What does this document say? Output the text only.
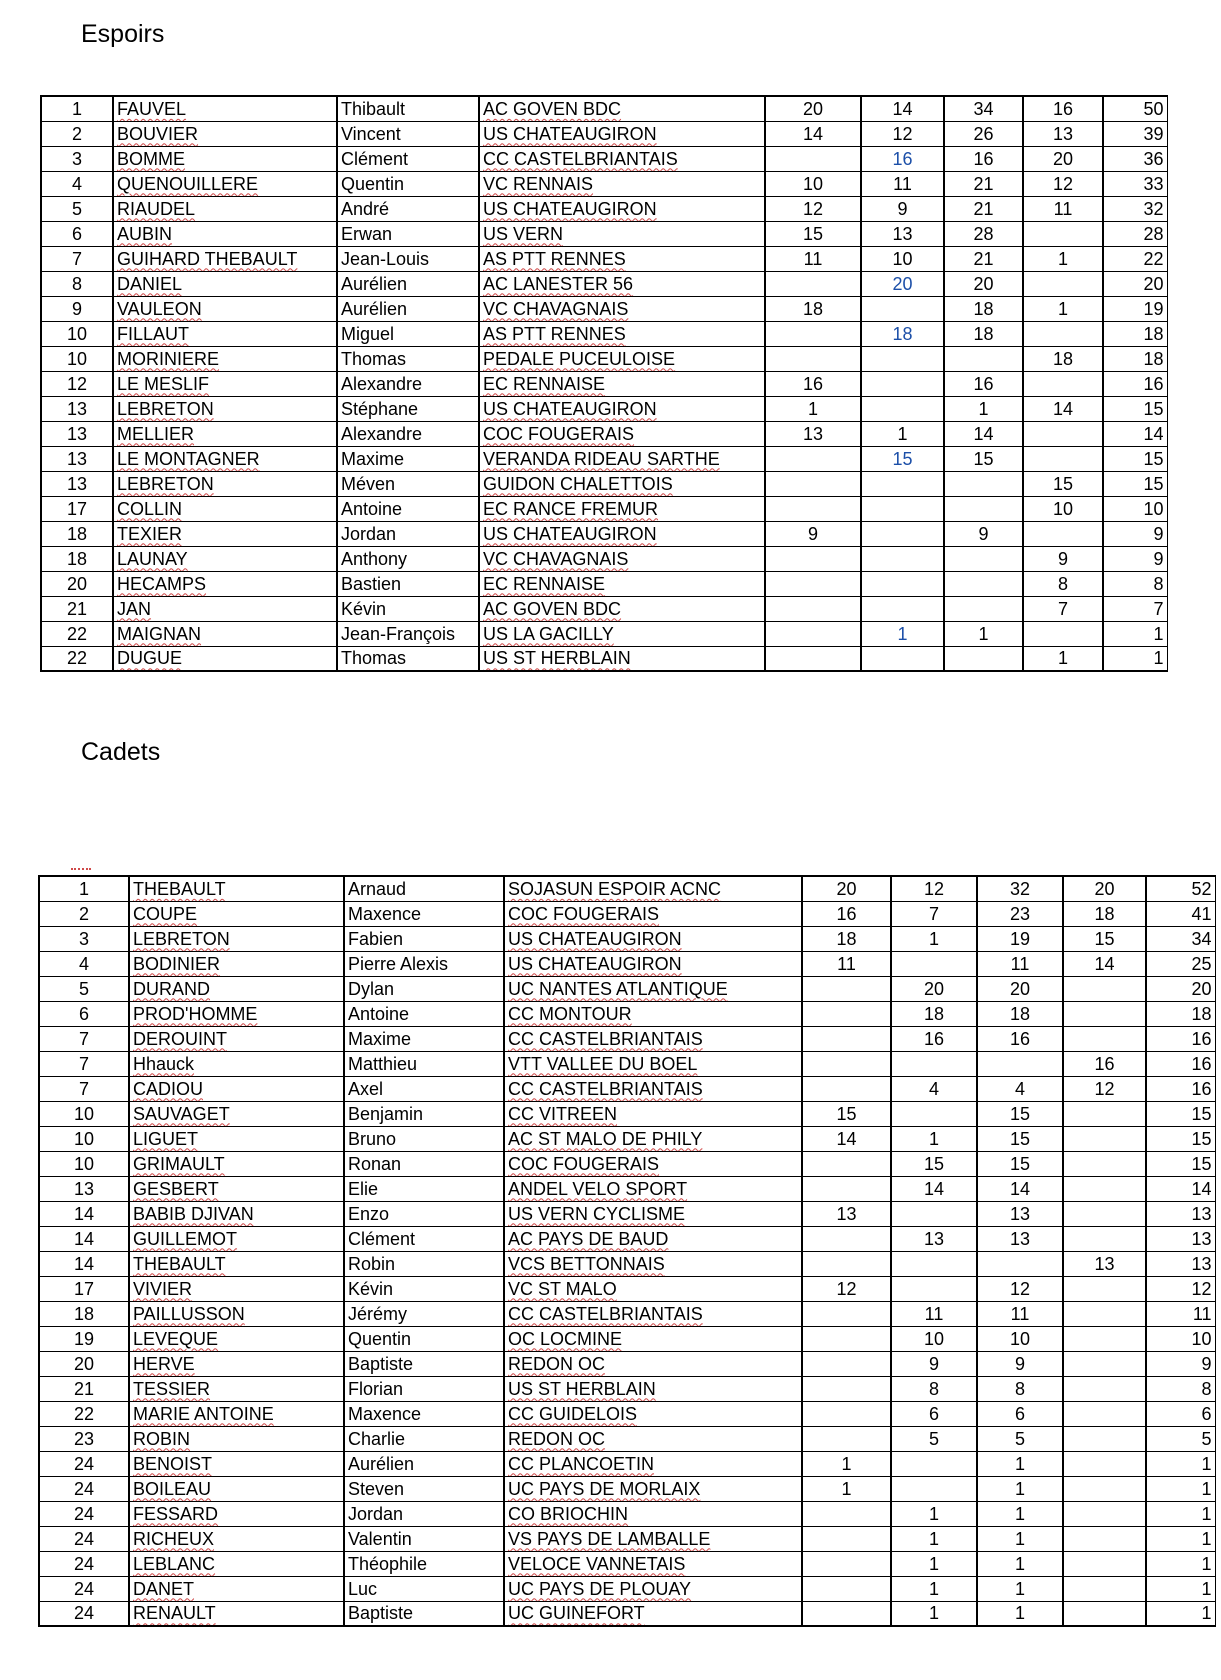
Espoirs
1	FAUVEL	Thibault	AC GOVEN BDC	20	14	34	16	50
2	BOUVIER	Vincent	US CHATEAUGIRON	14	12	26	13	39
3	BOMME	Clément	CC CASTELBRIANTAIS		16	16	20	36
4	QUENOUILLERE	Quentin	VC RENNAIS	10	11	21	12	33
5	RIAUDEL	André	US CHATEAUGIRON	12	9	21	11	32
6	AUBIN	Erwan	US VERN	15	13	28		28
7	GUIHARD THEBAULT	Jean-Louis	AS PTT RENNES	11	10	21	1	22
8	DANIEL	Aurélien	AC LANESTER 56		20	20		20
9	VAULEON	Aurélien	VC CHAVAGNAIS	18		18	1	19
10	FILLAUT	Miguel	AS PTT RENNES		18	18		18
10	MORINIERE	Thomas	PEDALE PUCEULOISE				18	18
12	LE MESLIF	Alexandre	EC RENNAISE	16		16		16
13	LEBRETON	Stéphane	US CHATEAUGIRON	1		1	14	15
13	MELLIER	Alexandre	COC FOUGERAIS	13	1	14		14
13	LE MONTAGNER	Maxime	VERANDA RIDEAU SARTHE		15	15		15
13	LEBRETON	Méven	GUIDON CHALETTOIS				15	15
17	COLLIN	Antoine	EC RANCE FREMUR				10	10
18	TEXIER	Jordan	US CHATEAUGIRON	9		9		9
18	LAUNAY	Anthony	VC CHAVAGNAIS				9	9
20	HECAMPS	Bastien	EC RENNAISE				8	8
21	JAN	Kévin	AC GOVEN BDC				7	7
22	MAIGNAN	Jean-François	US LA GACILLY		1	1		1
22	DUGUE	Thomas	US ST HERBLAIN				1	1
Cadets
1	THEBAULT	Arnaud	SOJASUN ESPOIR ACNC	20	12	32	20	52
2	COUPE	Maxence	COC FOUGERAIS	16	7	23	18	41
3	LEBRETON	Fabien	US CHATEAUGIRON	18	1	19	15	34
4	BODINIER	Pierre Alexis	US CHATEAUGIRON	11		11	14	25
5	DURAND	Dylan	UC NANTES ATLANTIQUE		20	20		20
6	PROD'HOMME	Antoine	CC MONTOUR		18	18		18
7	DEROUINT	Maxime	CC CASTELBRIANTAIS		16	16		16
7	Hhauck	Matthieu	VTT VALLEE DU BOEL				16	16
7	CADIOU	Axel	CC CASTELBRIANTAIS		4	4	12	16
10	SAUVAGET	Benjamin	CC VITREEN	15		15		15
10	LIGUET	Bruno	AC ST MALO DE PHILY	14	1	15		15
10	GRIMAULT	Ronan	COC FOUGERAIS		15	15		15
13	GESBERT	Elie	ANDEL VELO SPORT		14	14		14
14	BABIB DJIVAN	Enzo	US VERN CYCLISME	13		13		13
14	GUILLEMOT	Clément	AC PAYS DE BAUD		13	13		13
14	THEBAULT	Robin	VCS BETTONNAIS				13	13
17	VIVIER	Kévin	VC ST MALO	12		12		12
18	PAILLUSSON	Jérémy	CC CASTELBRIANTAIS		11	11		11
19	LEVEQUE	Quentin	OC LOCMINE		10	10		10
20	HERVE	Baptiste	REDON OC		9	9		9
21	TESSIER	Florian	US ST HERBLAIN		8	8		8
22	MARIE ANTOINE	Maxence	CC GUIDELOIS		6	6		6
23	ROBIN	Charlie	REDON OC		5	5		5
24	BENOIST	Aurélien	CC PLANCOETIN	1		1		1
24	BOILEAU	Steven	UC PAYS DE MORLAIX	1		1		1
24	FESSARD	Jordan	CO BRIOCHIN		1	1		1
24	RICHEUX	Valentin	VS PAYS DE LAMBALLE		1	1		1
24	LEBLANC	Théophile	VELOCE VANNETAIS		1	1		1
24	DANET	Luc	UC PAYS DE PLOUAY		1	1		1
24	RENAULT	Baptiste	UC GUINEFORT		1	1		1
